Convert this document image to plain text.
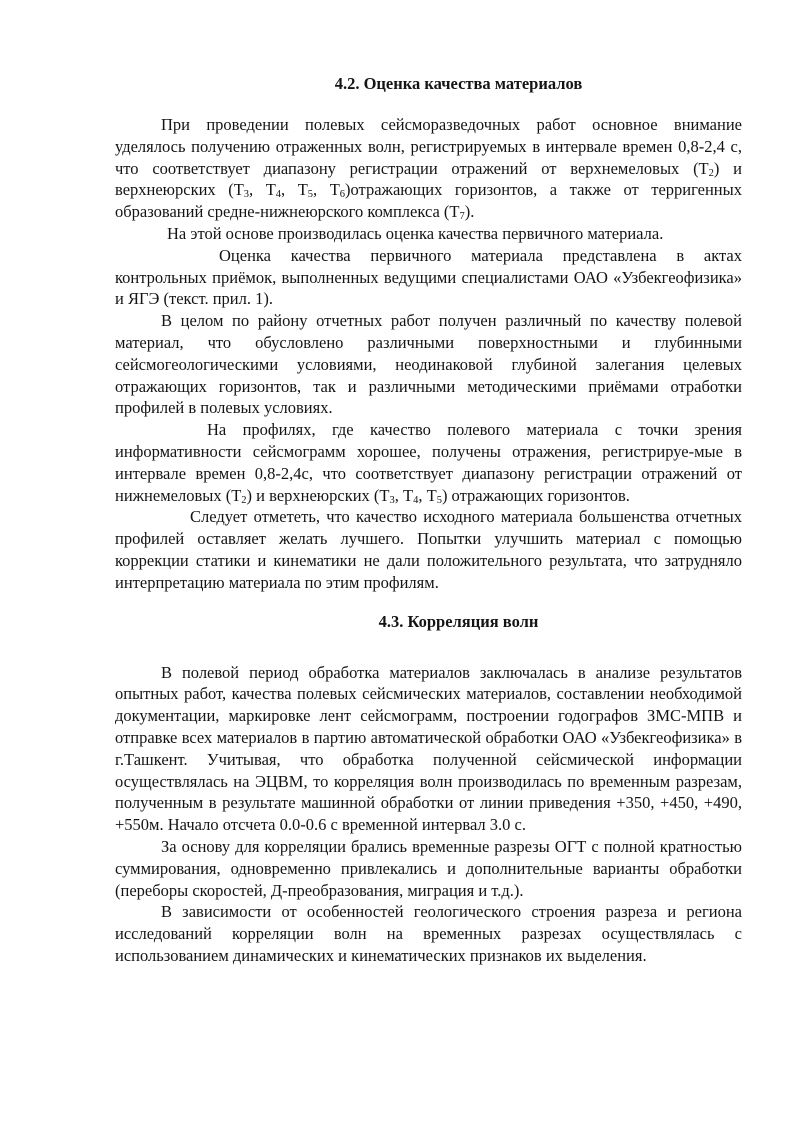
4.2. Оценка качества материалов

При проведении полевых сейсморазведочных работ основное внимание уделялось получению отраженных волн, регистрируемых в интервале времен 0,8-2,4 с, что соответствует диапазону регистрации отражений от верхнемеловых $(Т_2)$ и верхнеюрских ($Т_3$, $Т_4$, $Т_5$, $Т_6)отражающих$ горизонтов, а также от терригенных образований средне-нижнеюрского комплекса $(Т_7)$.

На этой основе производилась оценка качества первичного материала.

Оценка качества первичного материала представлена в актах контрольных приёмок, выполненных ведущими специалистами ОАО «Узбекгеофизика» и ЯГЭ (текст. прил. 1).

В целом по району отчетных работ получен различный по качеству полевой материал, что обусловлено различными поверхностными и глубинными сейсмогеологическими условиями, неодинаковой глубиной залегания целевых отражающих горизонтов, так и различными методическими приёмами отработки профилей в полевых условиях.

На профилях, где качество полевого материала с точки зрения информативности сейсмограмм хорошее, получены отражения, регистрируе-мые в интервале времен 0,8-2,4с, что соответствует диапазону регистрации отражений от нижнемеловых $(Т_2)$ и верхнеюрских ($Т_3$, $Т_4$, $Т_5$) отражающих горизонтов.

Следует отмететь, что качество исходного материала большенства отчетных профилей оставляет желать лучшего. Попытки улучшить материал с помощью коррекции статики и кинематики не дали положительного результата, что затрудняло интерпретацию материала по этим профилям.

4.3. Корреляция волн

В полевой период обработка материалов заключалась в анализе результатов опытных работ, качества полевых сейсмических материалов, составлении необходимой документации, маркировке лент сейсмограмм, построении годографов ЗМС-МПВ и отправке всех материалов в партию автоматической обработки ОАО «Узбекгеофизика» в г.Ташкент. Учитывая, что обработка полученной сейсмической информации осуществлялась на ЭЦВМ, то корреляция волн производилась по временным разрезам, полученным в результате машинной обработки от линии приведения +350, +450, +490, +550м. Начало отсчета 0.0-0.6 с временной интервал 3.0 с.

За основу для корреляции брались временные разрезы ОГТ с полной кратностью суммирования, одновременно привлекались и дополнительные варианты обработки (переборы скоростей, Д-преобразования, миграция и т.д.).

В зависимости от особенностей геологического строения разреза и региона исследований корреляции волн на временных разрезах осуществлялась с использованием динамических и кинематических признаков их выделения.
